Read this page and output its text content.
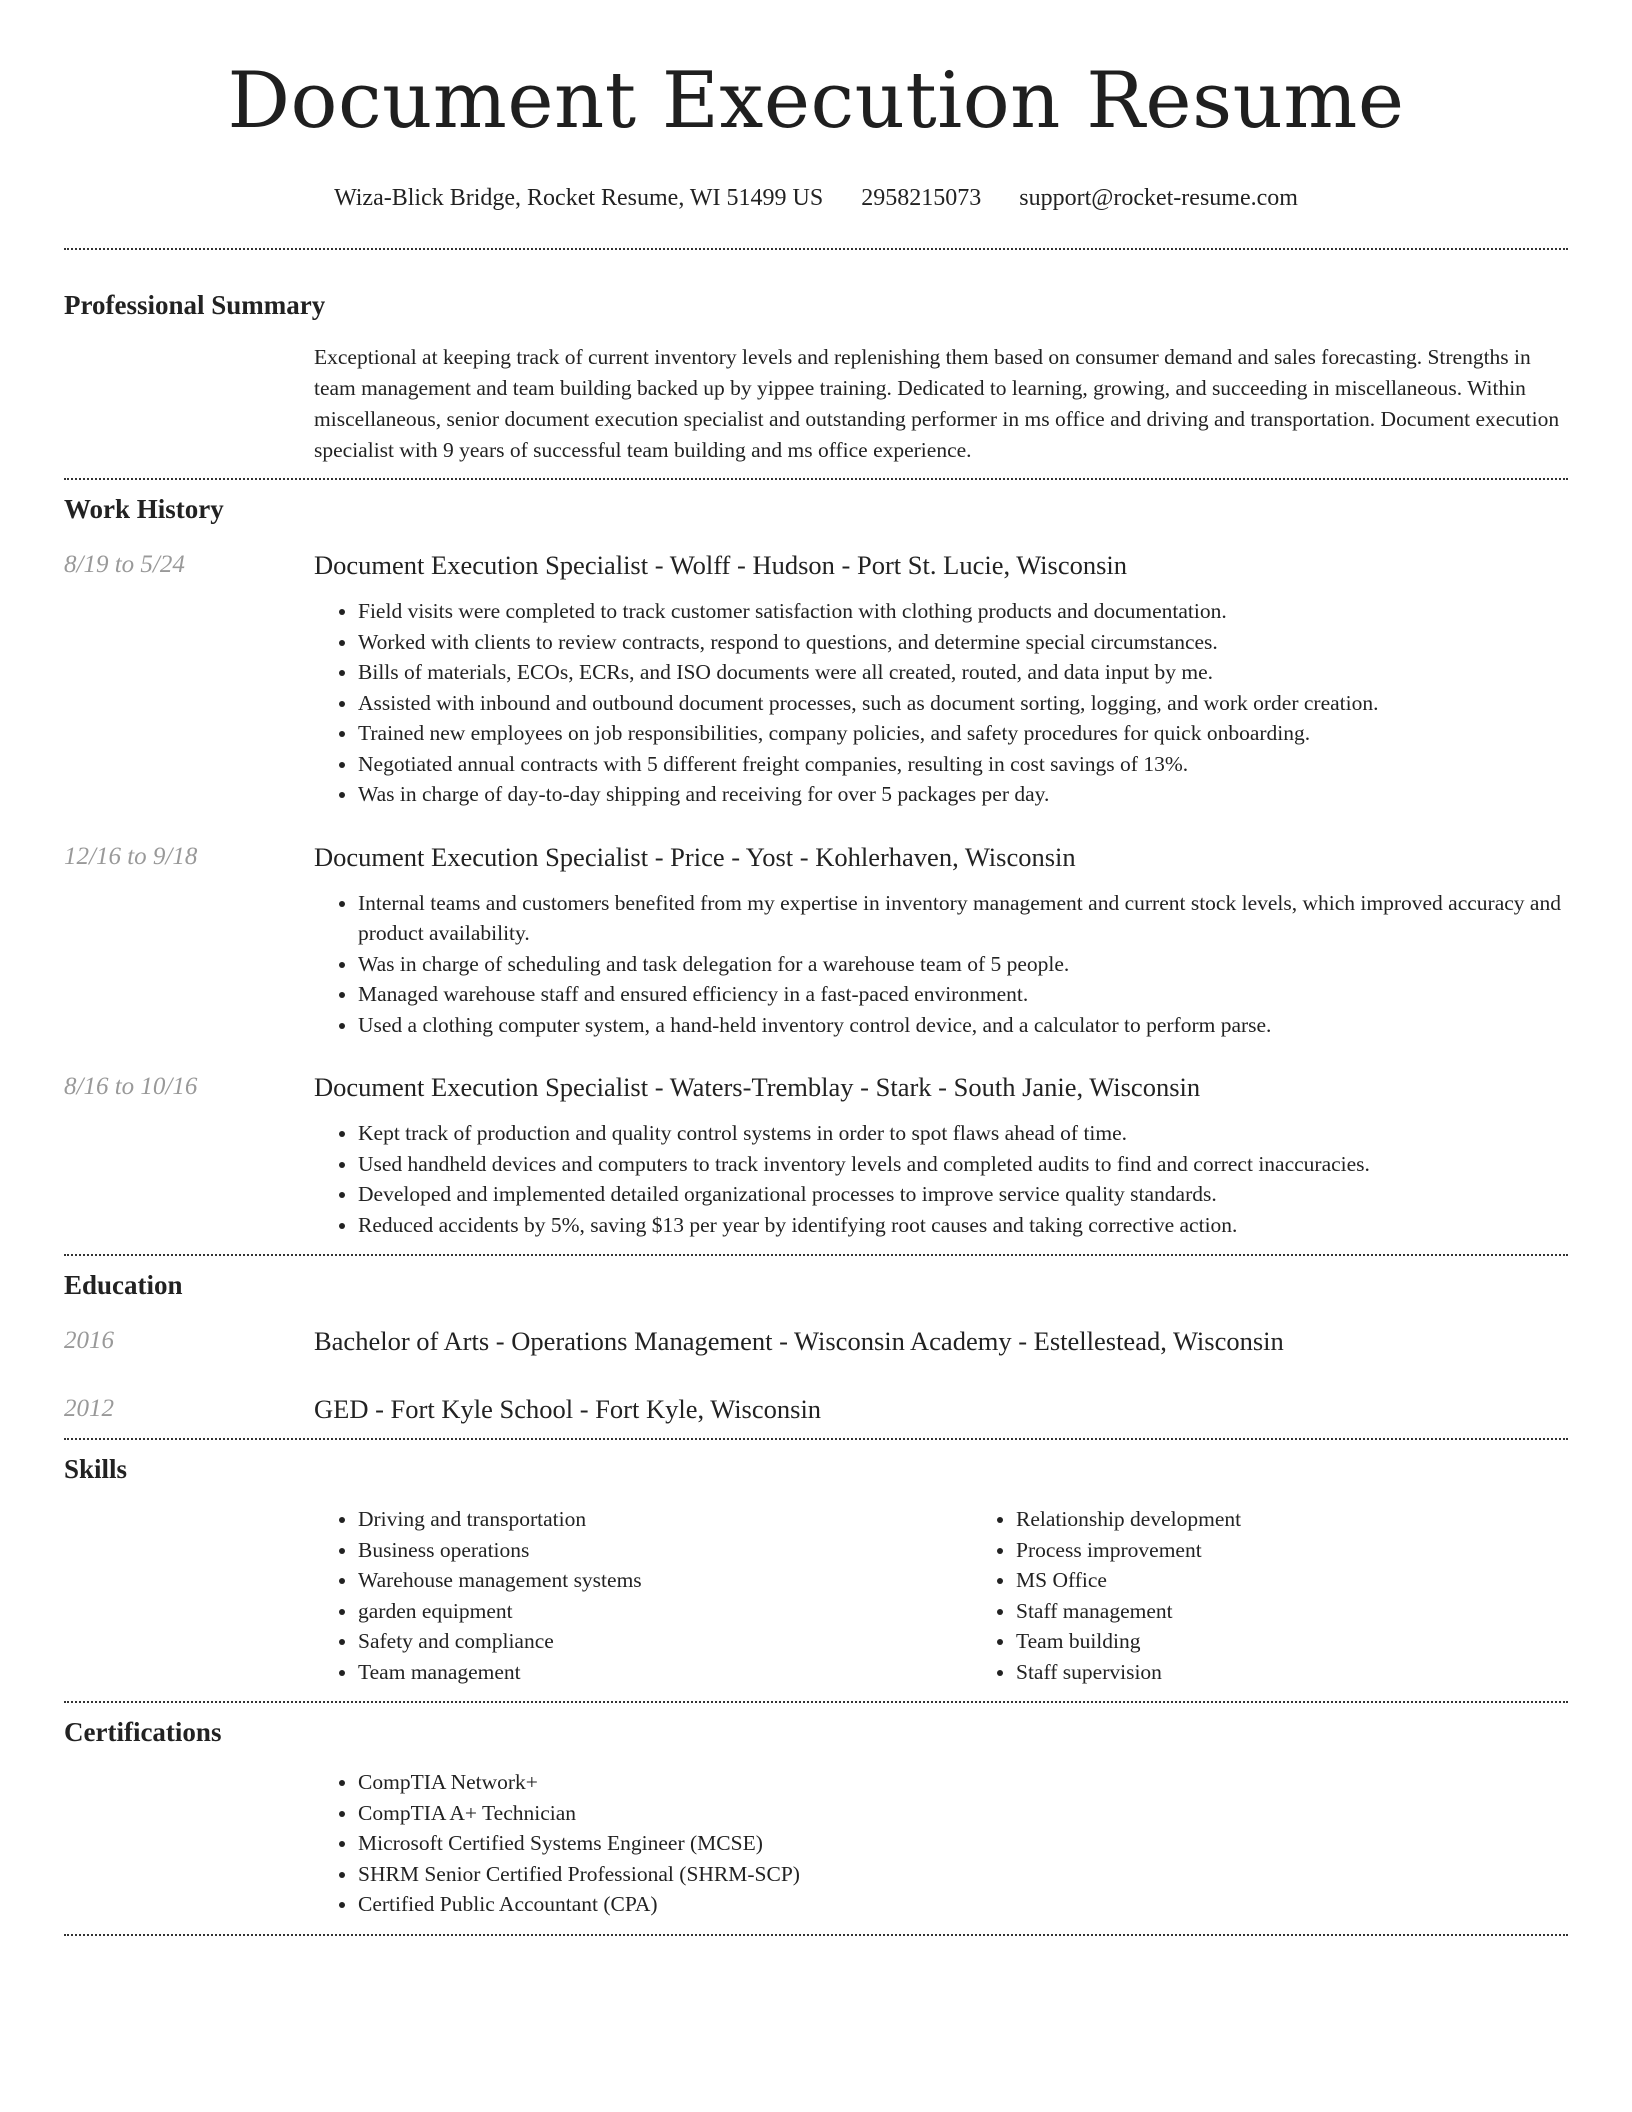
Document Execution Resume
Wiza-Blick Bridge, Rocket Resume, WI 51499 US 2958215073 support@rocket-resume.com
Professional Summary
Exceptional at keeping track of current inventory levels and replenishing them based on consumer demand and sales forecasting. Strengths in team management and team building backed up by yippee training. Dedicated to learning, growing, and succeeding in miscellaneous. Within miscellaneous, senior document execution specialist and outstanding performer in ms office and driving and transportation. Document execution specialist with 9 years of successful team building and ms office experience.
Work History
8/19 to 5/24	Document Execution Specialist - Wolff - Hudson - Port St. Lucie, Wisconsin
• Field visits were completed to track customer satisfaction with clothing products and documentation.
• Worked with clients to review contracts, respond to questions, and determine special circumstances.
• Bills of materials, ECOs, ECRs, and ISO documents were all created, routed, and data input by me.
• Assisted with inbound and outbound document processes, such as document sorting, logging, and work order creation.
• Trained new employees on job responsibilities, company policies, and safety procedures for quick onboarding.
• Negotiated annual contracts with 5 different freight companies, resulting in cost savings of 13%.
• Was in charge of day-to-day shipping and receiving for over 5 packages per day.
12/16 to 9/18	Document Execution Specialist - Price - Yost - Kohlerhaven, Wisconsin
• Internal teams and customers benefited from my expertise in inventory management and current stock levels, which improved accuracy and product availability.
• Was in charge of scheduling and task delegation for a warehouse team of 5 people.
• Managed warehouse staff and ensured efficiency in a fast-paced environment.
• Used a clothing computer system, a hand-held inventory control device, and a calculator to perform parse.
8/16 to 10/16	Document Execution Specialist - Waters-Tremblay - Stark - South Janie, Wisconsin
• Kept track of production and quality control systems in order to spot flaws ahead of time.
• Used handheld devices and computers to track inventory levels and completed audits to find and correct inaccuracies.
• Developed and implemented detailed organizational processes to improve service quality standards.
• Reduced accidents by 5%, saving $13 per year by identifying root causes and taking corrective action.
Education
2016	Bachelor of Arts - Operations Management - Wisconsin Academy - Estellestead, Wisconsin
2012	GED - Fort Kyle School - Fort Kyle, Wisconsin
Skills
• Driving and transportation
• Business operations
• Warehouse management systems
• garden equipment
• Safety and compliance
• Team management
• Relationship development
• Process improvement
• MS Office
• Staff management
• Team building
• Staff supervision
Certifications
• CompTIA Network+
• CompTIA A+ Technician
• Microsoft Certified Systems Engineer (MCSE)
• SHRM Senior Certified Professional (SHRM-SCP)
• Certified Public Accountant (CPA)
